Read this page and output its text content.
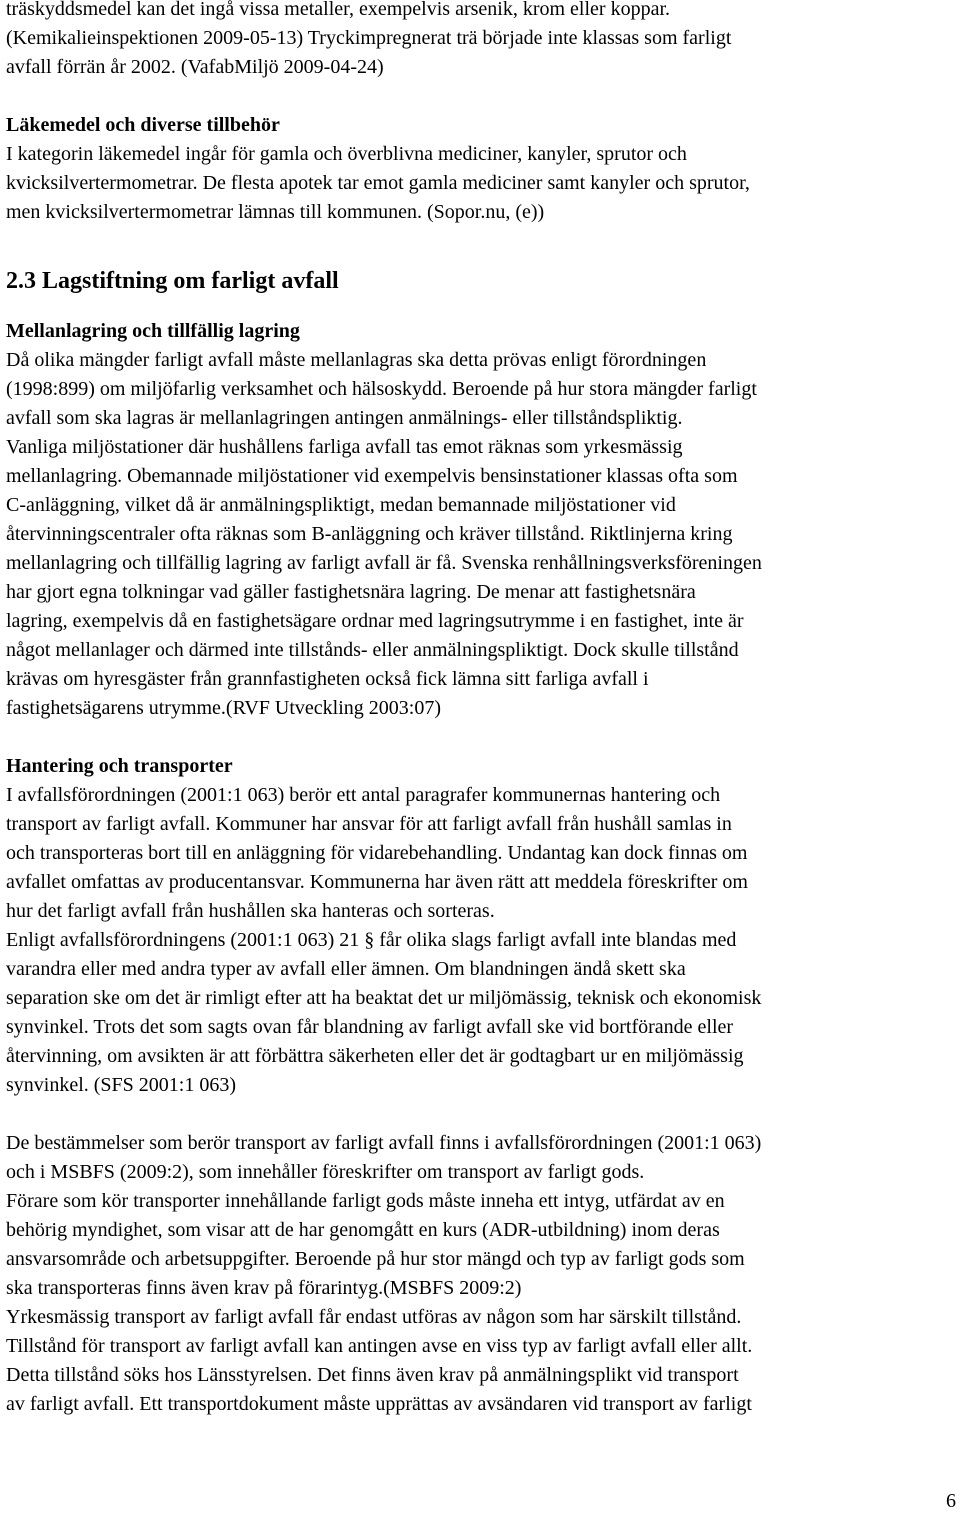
träskyddsmedel kan det ingå vissa metaller, exempelvis arsenik, krom eller koppar.

(Kemikalieinspektionen 2009-05-13) Tryckimpregnerat trä började inte klassas som farligt

avfall förrän år 2002. (VafabMiljö 2009-04-24)

Läkemedel och diverse tillbehör

I kategorin läkemedel ingår för gamla och överblivna mediciner, kanyler, sprutor och

kvicksilvertermometrar. De flesta apotek tar emot gamla mediciner samt kanyler och sprutor,

men kvicksilvertermometrar lämnas till kommunen. (Sopor.nu, (e))

2.3 Lagstiftning om farligt avfall

Mellanlagring och tillfällig lagring

Då olika mängder farligt avfall måste mellanlagras ska detta prövas enligt förordningen

(1998:899) om miljöfarlig verksamhet och hälsoskydd. Beroende på hur stora mängder farligt

avfall som ska lagras är mellanlagringen antingen anmälnings- eller tillståndspliktig.

Vanliga miljöstationer där hushållens farliga avfall tas emot räknas som yrkesmässig

mellanlagring. Obemannade miljöstationer vid exempelvis bensinstationer klassas ofta som

C-anläggning, vilket då är anmälningspliktigt, medan bemannade miljöstationer vid

återvinningscentraler ofta räknas som B-anläggning och kräver tillstånd. Riktlinjerna kring

mellanlagring och tillfällig lagring av farligt avfall är få. Svenska renhållningsverksföreningen

har gjort egna tolkningar vad gäller fastighetsnära lagring. De menar att fastighetsnära

lagring, exempelvis då en fastighetsägare ordnar med lagringsutrymme i en fastighet, inte är

något mellanlager och därmed inte tillstånds- eller anmälningspliktigt. Dock skulle tillstånd

krävas om hyresgäster från grannfastigheten också fick lämna sitt farliga avfall i

fastighetsägarens utrymme.(RVF Utveckling 2003:07)

Hantering och transporter

I avfallsförordningen (2001:1 063) berör ett antal paragrafer kommunernas hantering och

transport av farligt avfall. Kommuner har ansvar för att farligt avfall från hushåll samlas in

och transporteras bort till en anläggning för vidarebehandling. Undantag kan dock finnas om

avfallet omfattas av producentansvar. Kommunerna har även rätt att meddela föreskrifter om

hur det farligt avfall från hushållen ska hanteras och sorteras.

Enligt avfallsförordningens (2001:1 063) 21 § får olika slags farligt avfall inte blandas med

varandra eller med andra typer av avfall eller ämnen. Om blandningen ändå skett ska

separation ske om det är rimligt efter att ha beaktat det ur miljömässig, teknisk och ekonomisk

synvinkel. Trots det som sagts ovan får blandning av farligt avfall ske vid bortförande eller

återvinning, om avsikten är att förbättra säkerheten eller det är godtagbart ur en miljömässig

synvinkel. (SFS 2001:1 063)

De bestämmelser som berör transport av farligt avfall finns i avfallsförordningen (2001:1 063)

och i MSBFS (2009:2), som innehåller föreskrifter om transport av farligt gods.

Förare som kör transporter innehållande farligt gods måste inneha ett intyg, utfärdat av en

behörig myndighet, som visar att de har genomgått en kurs (ADR-utbildning) inom deras

ansvarsområde och arbetsuppgifter. Beroende på hur stor mängd och typ av farligt gods som

ska transporteras finns även krav på förarintyg.(MSBFS 2009:2)

Yrkesmässig transport av farligt avfall får endast utföras av någon som har särskilt tillstånd.

Tillstånd för transport av farligt avfall kan antingen avse en viss typ av farligt avfall eller allt.

Detta tillstånd söks hos Länsstyrelsen. Det finns även krav på anmälningsplikt vid transport

av farligt avfall. Ett transportdokument måste upprättas av avsändaren vid transport av farligt

6
